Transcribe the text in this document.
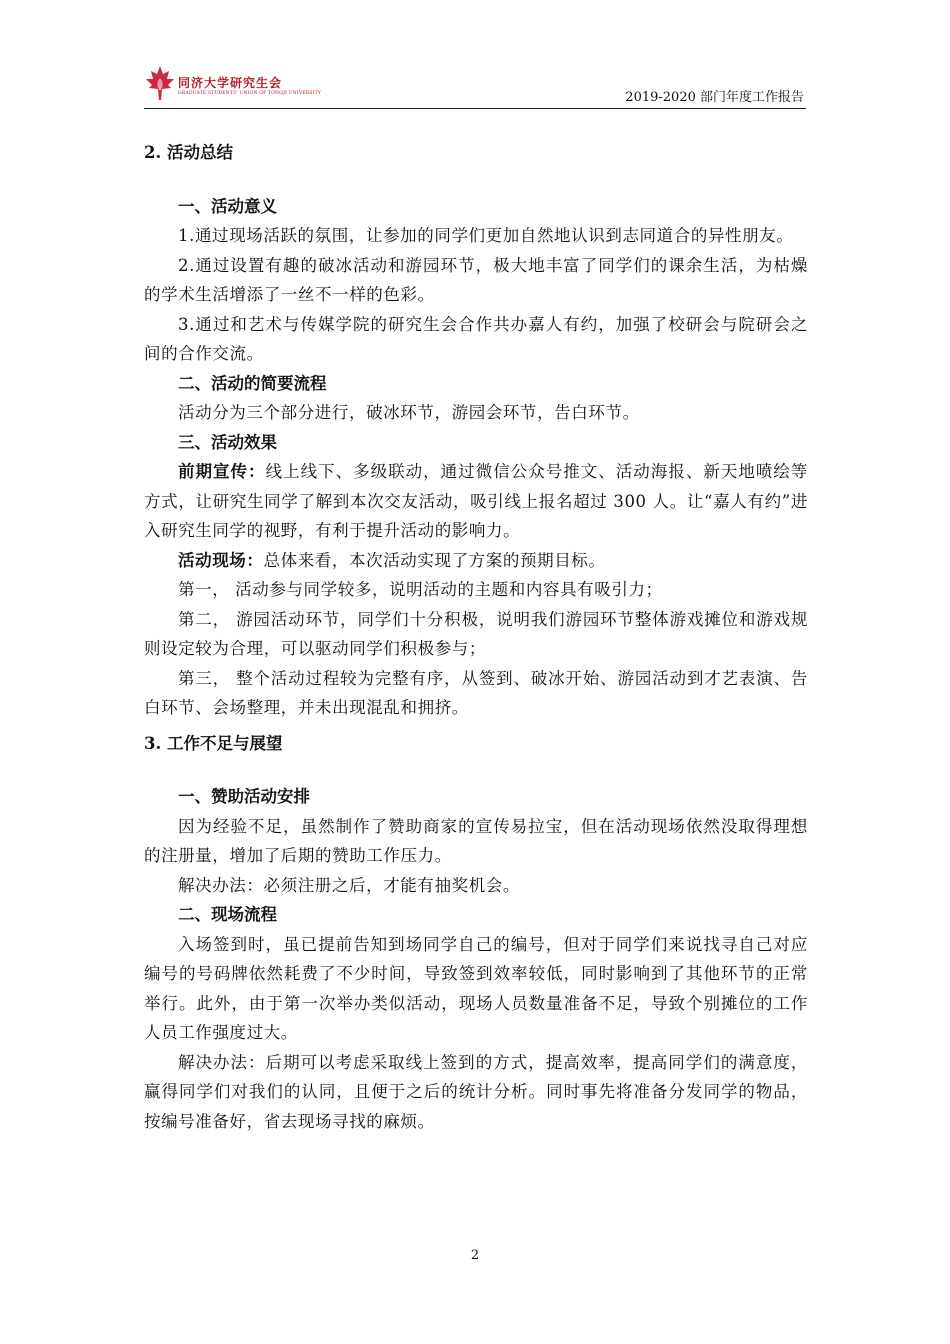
同济大学研究生会
GRADUATE STUDENTS' UNION OF TONGJI UNIVERSITY	2019-2020 部门年度工作报告
2. 活动总结
一、活动意义

1.通过现场活跃的氛围，让参加的同学们更加自然地认识到志同道合的异性朋友。

2.通过设置有趣的破冰活动和游园环节，极大地丰富了同学们的课余生活，为枯燥的学术生活增添了一丝不一样的色彩。

3.通过和艺术与传媒学院的研究生会合作共办嘉人有约，加强了校研会与院研会之间的合作交流。

二、活动的简要流程

活动分为三个部分进行，破冰环节，游园会环节，告白环节。

三、活动效果

前期宣传：线上线下、多级联动，通过微信公众号推文、活动海报、新天地喷绘等方式，让研究生同学了解到本次交友活动，吸引线上报名超过 300 人。让“嘉人有约”进入研究生同学的视野，有利于提升活动的影响力。

活动现场：总体来看，本次活动实现了方案的预期目标。

第一， 活动参与同学较多，说明活动的主题和内容具有吸引力；

第二， 游园活动环节，同学们十分积极，说明我们游园环节整体游戏摊位和游戏规则设定较为合理，可以驱动同学们积极参与；

第三， 整个活动过程较为完整有序，从签到、破冰开始、游园活动到才艺表演、告白环节、会场整理，并未出现混乱和拥挤。

3. 工作不足与展望
一、赞助活动安排

因为经验不足，虽然制作了赞助商家的宣传易拉宝，但在活动现场依然没取得理想的注册量，增加了后期的赞助工作压力。

解决办法：必须注册之后，才能有抽奖机会。

二、现场流程

入场签到时，虽已提前告知到场同学自己的编号，但对于同学们来说找寻自己对应编号的号码牌依然耗费了不少时间，导致签到效率较低，同时影响到了其他环节的正常举行。此外，由于第一次举办类似活动，现场人员数量准备不足，导致个别摊位的工作人员工作强度过大。

解决办法：后期可以考虑采取线上签到的方式，提高效率，提高同学们的满意度，赢得同学们对我们的认同，且便于之后的统计分析。同时事先将准备分发同学的物品，按编号准备好，省去现场寻找的麻烦。

2
